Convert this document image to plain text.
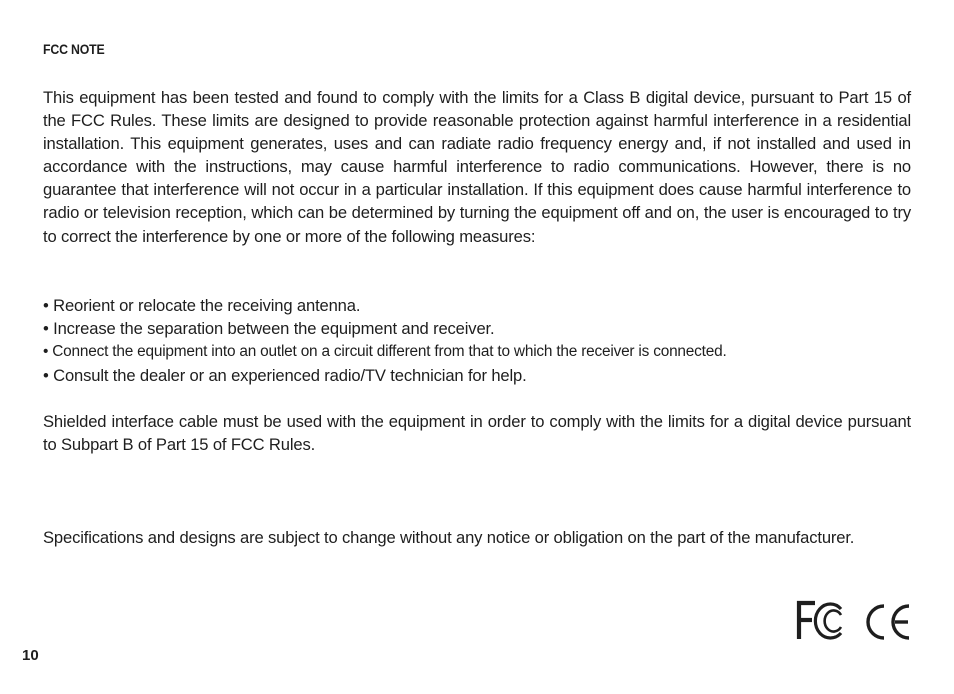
FCC NOTE

This equipment has been tested and found to comply with the limits for a Class B digital device, pursuant to Part 15 of the FCC Rules. These limits are designed to provide reasonable protection against harmful interference in a residential installation. This equipment generates, uses and can radiate radio frequency energy and, if not installed and used in accordance with the instructions, may cause harmful interference to radio communications. However, there is no guarantee that interference will not occur in a particular installation. If this equipment does cause harmful interference to radio or television reception, which can be determined by turning the equipment off and on, the user is encouraged to try to correct the interference by one or more of the following measures:

• Reorient or relocate the receiving antenna.
• Increase the separation between the equipment and receiver.
• Connect the equipment into an outlet on a circuit different from that to which the receiver is connected.
• Consult the dealer or an experienced radio/TV technician for help.

Shielded interface cable must be used with the equipment in order to comply with the limits for a digital device pursuant to Subpart B of Part 15 of FCC Rules.

Specifications and designs are subject to change without any notice or obligation on the part of the manufacturer.

10
